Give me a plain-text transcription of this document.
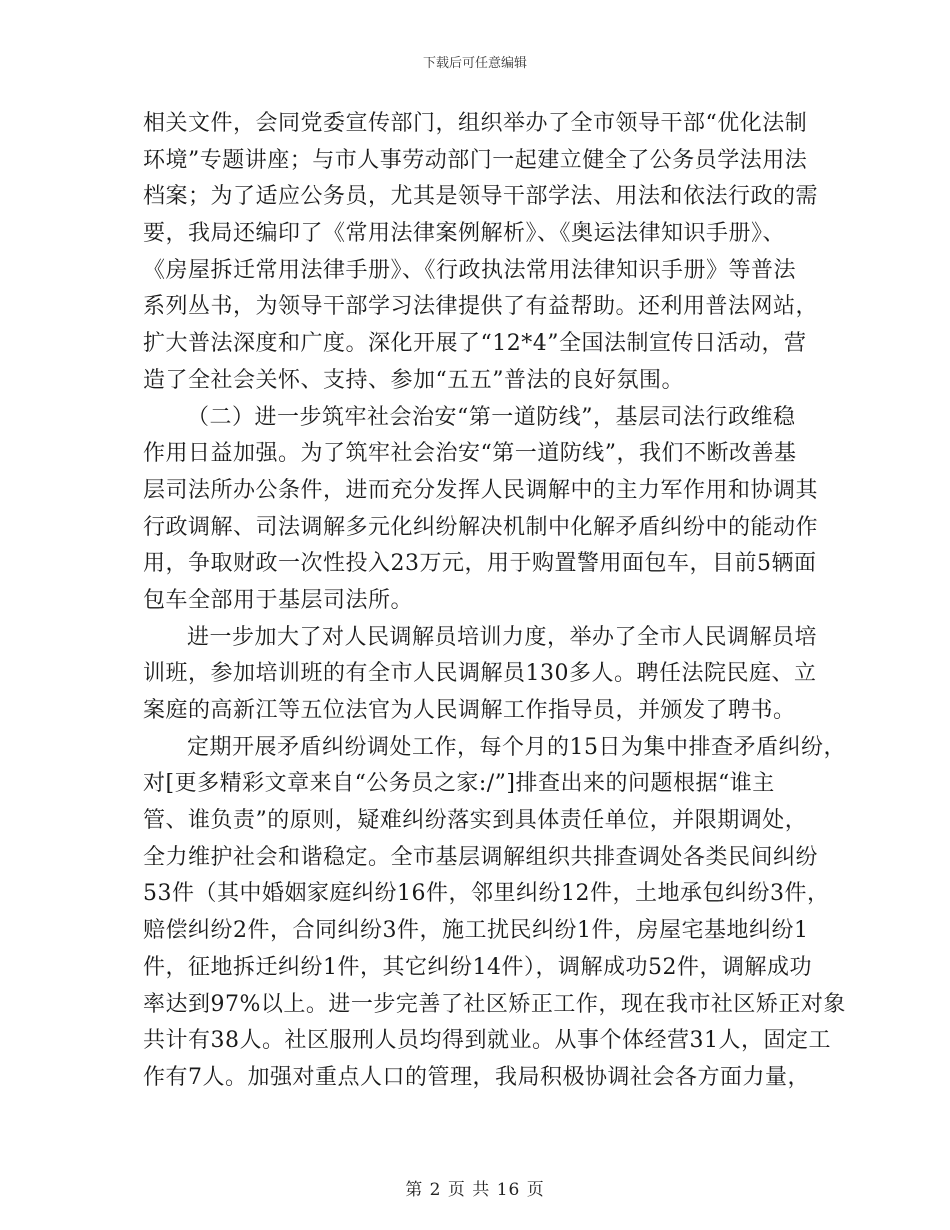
下载后可任意编辑
相关文件，会同党委宣传部门，组织举办了全市领导干部“优化法制
环境”专题讲座；与市人事劳动部门一起建立健全了公务员学法用法
档案；为了适应公务员，尤其是领导干部学法、用法和依法行政的需
要，我局还编印了《常用法律案例解析》、《奥运法律知识手册》、
《房屋拆迁常用法律手册》、《行政执法常用法律知识手册》等普法
系列丛书，为领导干部学习法律提供了有益帮助。还利用普法网站，
扩大普法深度和广度。深化开展了“12*4”全国法制宣传日活动，营
造了全社会关怀、支持、参加“五五”普法的良好氛围。
（二）进一步筑牢社会治安“第一道防线”，基层司法行政维稳
作用日益加强。为了筑牢社会治安“第一道防线”，我们不断改善基
层司法所办公条件，进而充分发挥人民调解中的主力军作用和协调其
行政调解、司法调解多元化纠纷解决机制中化解矛盾纠纷中的能动作
用，争取财政一次性投入23万元，用于购置警用面包车，目前5辆面
包车全部用于基层司法所。
进一步加大了对人民调解员培训力度，举办了全市人民调解员培
训班，参加培训班的有全市人民调解员130多人。聘任法院民庭、立
案庭的高新江等五位法官为人民调解工作指导员，并颁发了聘书。
定期开展矛盾纠纷调处工作，每个月的15日为集中排查矛盾纠纷，
对[更多精彩文章来自“公务员之家:/”]排查出来的问题根据“谁主
管、谁负责”的原则，疑难纠纷落实到具体责任单位，并限期调处，
全力维护社会和谐稳定。全市基层调解组织共排查调处各类民间纠纷
53件（其中婚姻家庭纠纷16件，邻里纠纷12件，土地承包纠纷3件，
赔偿纠纷2件，合同纠纷3件，施工扰民纠纷1件，房屋宅基地纠纷1
件，征地拆迁纠纷1件，其它纠纷14件），调解成功52件，调解成功
率达到97%以上。进一步完善了社区矫正工作，现在我市社区矫正对象
共计有38人。社区服刑人员均得到就业。从事个体经营31人，固定工
作有7人。加强对重点人口的管理，我局积极协调社会各方面力量，
第 2 页 共 16 页
